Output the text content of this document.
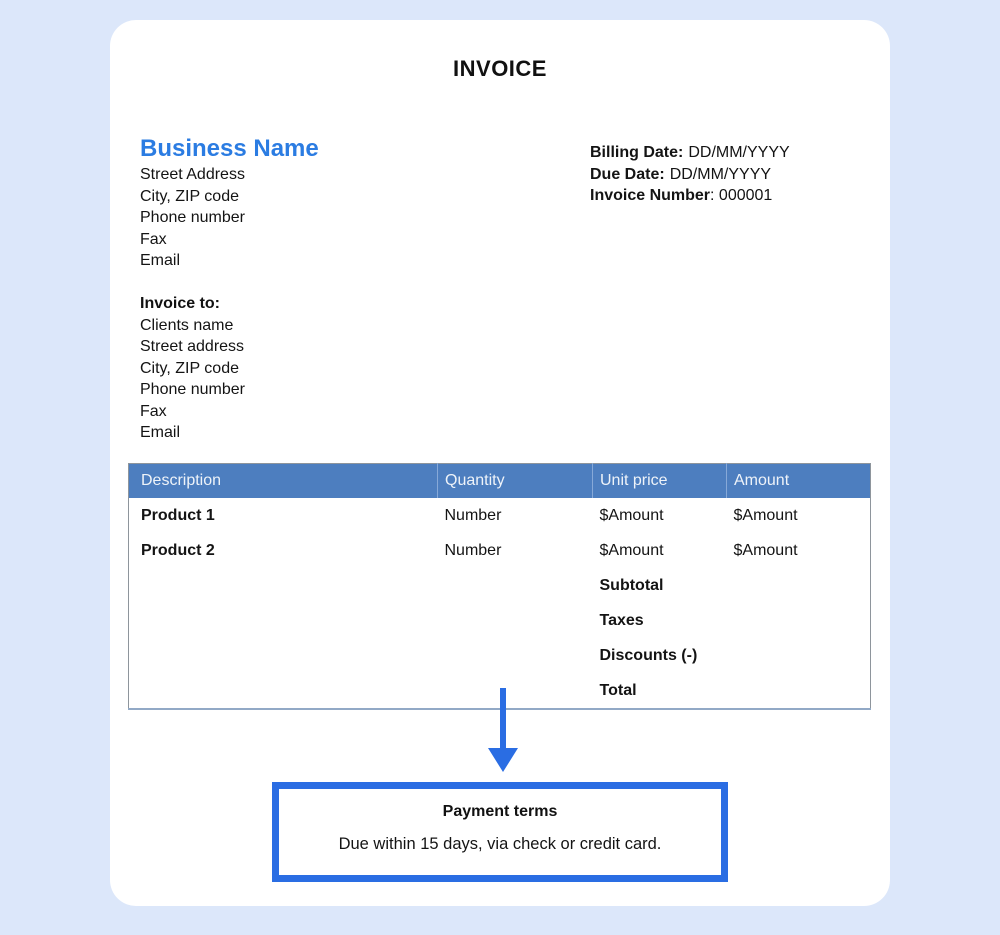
INVOICE
Business Name
Street Address
City, ZIP code
Phone number
Fax
Email
Billing Date: DD/MM/YYYY
Due Date: DD/MM/YYYY
Invoice Number: 000001
Invoice to:
Clients name
Street address
City, ZIP code
Phone number
Fax
Email
Description	Quantity	Unit price	Amount
Product 1	Number	$Amount	$Amount
Product 2	Number	$Amount	$Amount
		Subtotal	
		Taxes	
		Discounts (-)	
		Total	
Payment terms
Due within 15 days, via check or credit card.
